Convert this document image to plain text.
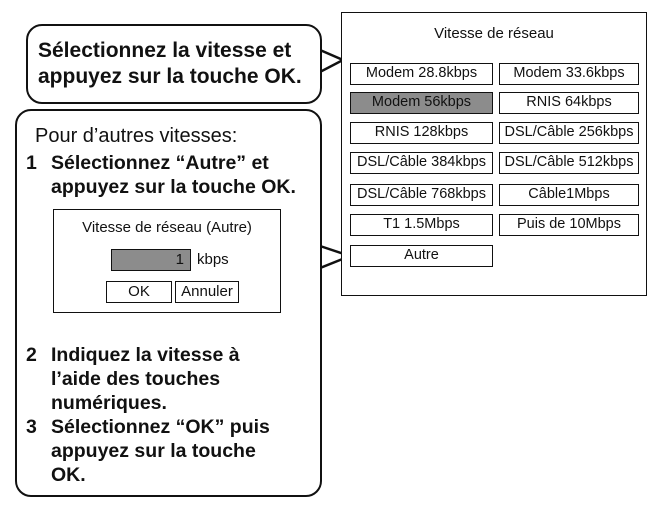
Sélectionnez la vitesse et
appuyez sur la touche OK.
Pour d’autres vitesses:
1 Sélectionnez “Autre” et
appuyez sur la touche OK.
Vitesse de réseau (Autre)
1 kbps
OK	Annuler
2 Indiquez la vitesse à
l’aide des touches
numériques.
3 Sélectionnez “OK” puis
appuyez sur la touche
OK.
Vitesse de réseau
Modem 28.8kbps	Modem 33.6kbps
Modem 56kbps	RNIS 64kbps
RNIS 128kbps	DSL/Câble 256kbps
DSL/Câble 384kbps	DSL/Câble 512kbps
DSL/Câble 768kbps	Câble1Mbps
T1 1.5Mbps	Puis de 10Mbps
Autre
